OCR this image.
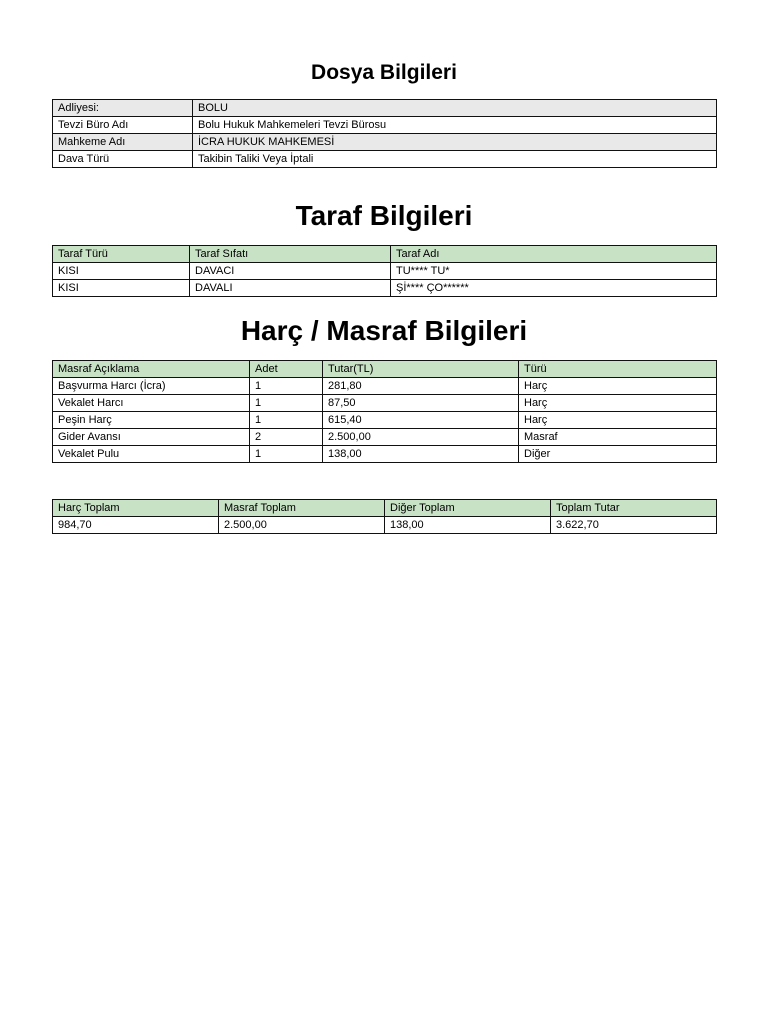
Dosya Bilgileri
Adliyesi:	BOLU
Tevzi Büro Adı	Bolu Hukuk Mahkemeleri Tevzi Bürosu
Mahkeme Adı	İCRA HUKUK MAHKEMESİ
Dava Türü	Takibin Taliki Veya İptali
Taraf Bilgileri
Taraf Türü	Taraf Sıfatı	Taraf Adı
KISI	DAVACI	TU**** TU*
KISI	DAVALI	Şİ**** ÇO******
Harç / Masraf Bilgileri
Masraf Açıklama	Adet	Tutar(TL)	Türü
Başvurma Harcı (İcra)	1	281,80	Harç
Vekalet Harcı	1	87,50	Harç
Peşin Harç	1	615,40	Harç
Gider Avansı	2	2.500,00	Masraf
Vekalet Pulu	1	138,00	Diğer
Harç Toplam	Masraf Toplam	Diğer Toplam	Toplam Tutar
984,70	2.500,00	138,00	3.622,70
